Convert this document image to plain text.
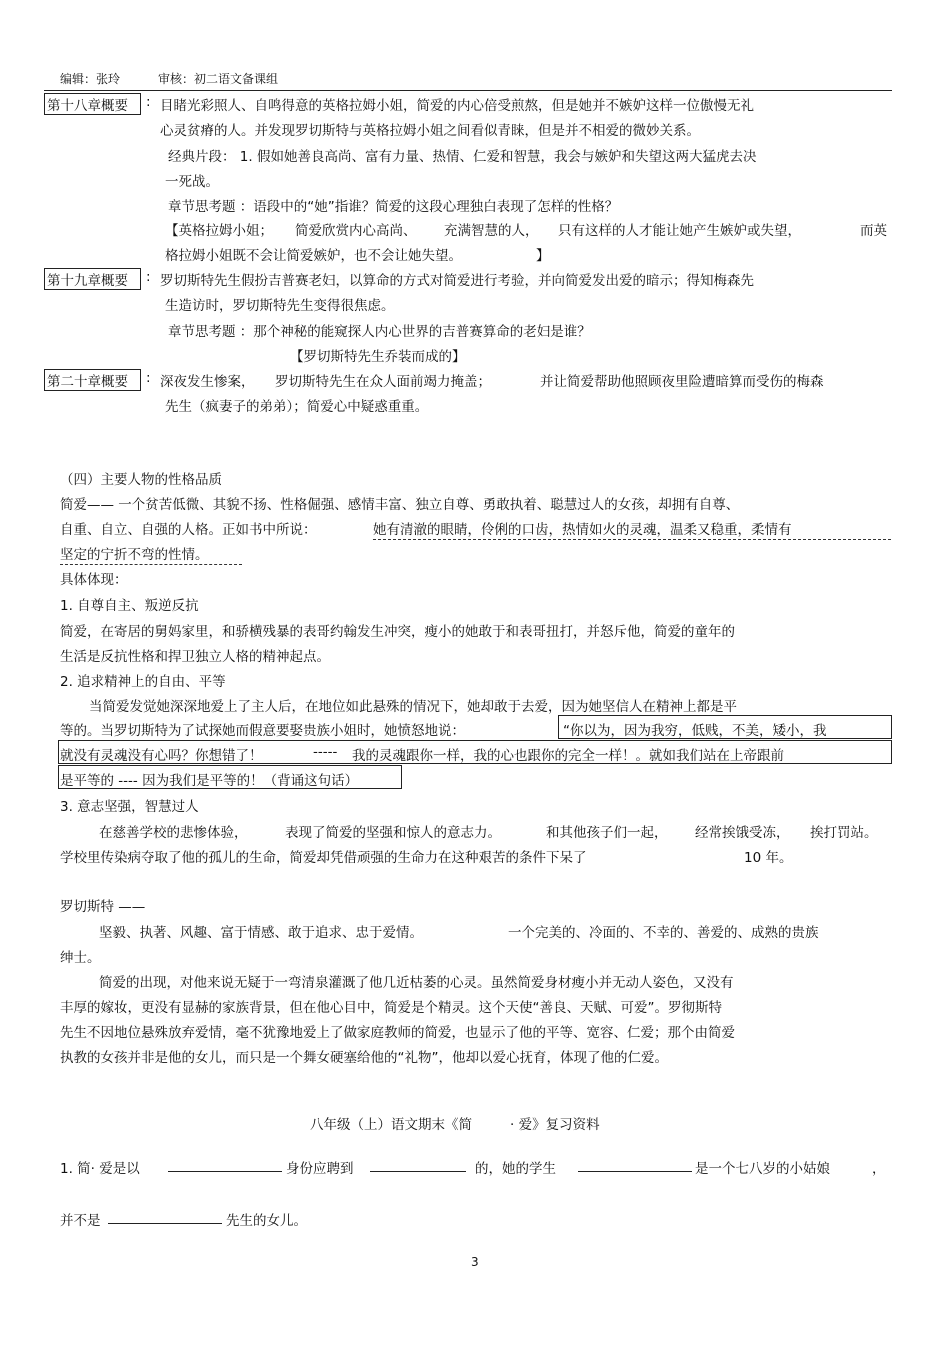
编辑：张玲	审核：初二语文备课组
第十八章概要 : 目睹光彩照人、自鸣得意的英格拉姆小姐，简爱的内心倍受煎熬，但是她并不嫉妒这样一位傲慢无礼
心灵贫瘠的人。并发现罗切斯特与英格拉姆小姐之间看似青睐，但是并不相爱的微妙关系。
经典片段： 1. 假如她善良高尚、富有力量、热情、仁爱和智慧，我会与嫉妒和失望这两大猛虎去决
一死战。
章节思考题 ：语段中的“她”指谁？简爱的这段心理独白表现了怎样的性格？
【英格拉姆小姐； 简爱欣赏内心高尚、 充满智慧的人， 只有这样的人才能让她产生嫉妒或失望，	而英
格拉姆小姐既不会让简爱嫉妒，也不会让她失望。	】
第十九章概要 : 罗切斯特先生假扮吉普赛老妇，以算命的方式对简爱进行考验，并向简爱发出爱的暗示；得知梅森先
生造访时，罗切斯特先生变得很焦虑。
章节思考题 ：那个神秘的能窥探人内心世界的吉普赛算命的老妇是谁？
【罗切斯特先生乔装而成的】
第二十章概要 : 深夜发生惨案， 罗切斯特先生在众人面前竭力掩盖；	并让简爱帮助他照顾夜里险遭暗算而受伤的梅森
先生（疯妻子的弟弟）；简爱心中疑惑重重。
（四）主要人物的性格品质
简爱—— 一个贫苦低微、其貌不扬、性格倔强、感情丰富、独立自尊、勇敢执着、聪慧过人的女孩，却拥有自尊、
自重、自立、自强的人格。正如书中所说：	她有清澈的眼睛，伶俐的口齿，热情如火的灵魂，温柔又稳重，柔情有
坚定的宁折不弯的性情。
具体体现：
1. 自尊自主、叛逆反抗
简爱，在寄居的舅妈家里，和骄横残暴的表哥约翰发生冲突，瘦小的她敢于和表哥扭打，并怒斥他，简爱的童年的
生活是反抗性格和捍卫独立人格的精神起点。
2. 追求精神上的自由、平等
当简爱发觉她深深地爱上了主人后，在地位如此悬殊的情况下，她却敢于去爱，因为她坚信人在精神上都是平
等的。当罗切斯特为了试探她而假意要娶贵族小姐时，她愤怒地说：	“你以为，因为我穷，低贱，不美，矮小，我
就没有灵魂没有心吗？你想错了！	----- 我的灵魂跟你一样，我的心也跟你的完全一样！。就如我们站在上帝跟前
是平等的 ---- 因为我们是平等的！（背诵这句话）
3. 意志坚强，智慧过人
在慈善学校的悲惨体验，	表现了简爱的坚强和惊人的意志力。	和其他孩子们一起， 经常挨饿受冻， 挨打罚站。
学校里传染病夺取了他的孤儿的生命，简爱却凭借顽强的生命力在这种艰苦的条件下呆了	10 年。
罗切斯特 ——
坚毅、执著、风趣、富于情感、敢于追求、忠于爱情。	一个完美的、冷面的、不幸的、善爱的、成熟的贵族
绅士。
简爱的出现，对他来说无疑于一弯清泉灌溉了他几近枯萎的心灵。虽然简爱身材瘦小并无动人姿色，又没有
丰厚的嫁妆，更没有显赫的家族背景，但在他心目中，简爱是个精灵。这个天使“善良、天赋、可爱”。罗彻斯特
先生不因地位悬殊放弃爱情，毫不犹豫地爱上了做家庭教师的简爱，也显示了他的平等、宽容、仁爱；那个由简爱
执教的女孩并非是他的女儿，而只是一个舞女硬塞给他的“礼物”，他却以爱心抚育，体现了他的仁爱。
八年级（上）语文期末《简	· 爱》复习资料
1. 简· 爱是以	身份应聘到	的，她的学生	是一个七八岁的小姑娘	，
并不是	先生的女儿。
3
